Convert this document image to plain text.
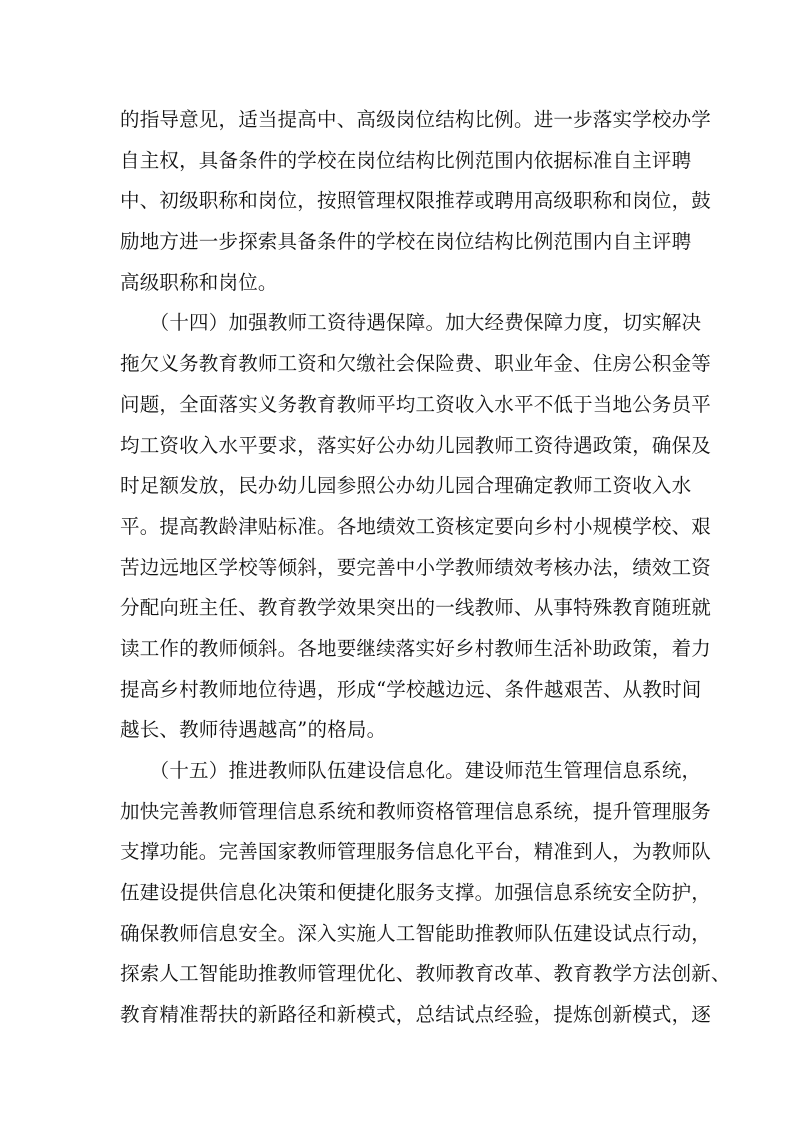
的指导意见，适当提高中、高级岗位结构比例。进一步落实学校办学
自主权，具备条件的学校在岗位结构比例范围内依据标准自主评聘
中、初级职称和岗位，按照管理权限推荐或聘用高级职称和岗位，鼓
励地方进一步探索具备条件的学校在岗位结构比例范围内自主评聘
高级职称和岗位。
　　（十四）加强教师工资待遇保障。加大经费保障力度，切实解决
拖欠义务教育教师工资和欠缴社会保险费、职业年金、住房公积金等
问题，全面落实义务教育教师平均工资收入水平不低于当地公务员平
均工资收入水平要求，落实好公办幼儿园教师工资待遇政策，确保及
时足额发放，民办幼儿园参照公办幼儿园合理确定教师工资收入水
平。提高教龄津贴标准。各地绩效工资核定要向乡村小规模学校、艰
苦边远地区学校等倾斜，要完善中小学教师绩效考核办法，绩效工资
分配向班主任、教育教学效果突出的一线教师、从事特殊教育随班就
读工作的教师倾斜。各地要继续落实好乡村教师生活补助政策，着力
提高乡村教师地位待遇，形成“学校越边远、条件越艰苦、从教时间
越长、教师待遇越高”的格局。
　　（十五）推进教师队伍建设信息化。建设师范生管理信息系统，
加快完善教师管理信息系统和教师资格管理信息系统，提升管理服务
支撑功能。完善国家教师管理服务信息化平台，精准到人，为教师队
伍建设提供信息化决策和便捷化服务支撑。加强信息系统安全防护，
确保教师信息安全。深入实施人工智能助推教师队伍建设试点行动，
探索人工智能助推教师管理优化、教师教育改革、教育教学方法创新、
教育精准帮扶的新路径和新模式，总结试点经验，提炼创新模式，逐
